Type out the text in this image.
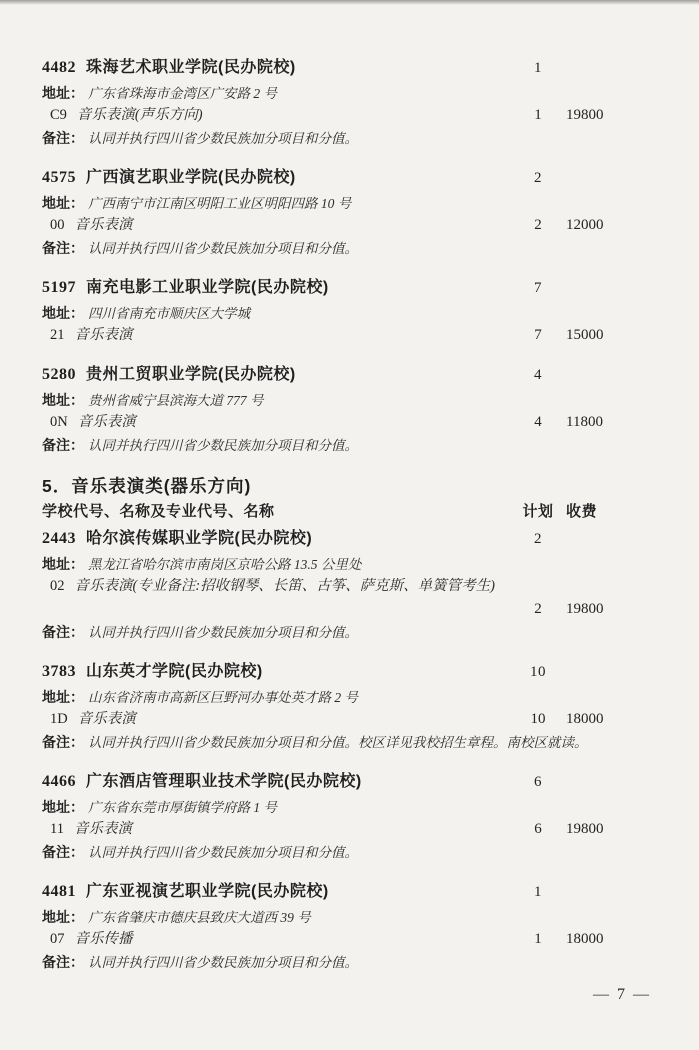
4482 珠海艺术职业学院(民办院校)	1
地址： 广东省珠海市金湾区广安路 2 号
C9 音乐表演(声乐方向)	1	19800
备注： 认同并执行四川省少数民族加分项目和分值。
4575 广西演艺职业学院(民办院校)	2
地址： 广西南宁市江南区明阳工业区明阳四路 10 号
00 音乐表演	2	12000
备注： 认同并执行四川省少数民族加分项目和分值。
5197 南充电影工业职业学院(民办院校)	7
地址： 四川省南充市顺庆区大学城
21 音乐表演	7	15000
5280 贵州工贸职业学院(民办院校)	4
地址： 贵州省威宁县滨海大道 777 号
0N 音乐表演	4	11800
备注： 认同并执行四川省少数民族加分项目和分值。
5．音乐表演类(器乐方向)
学校代号、名称及专业代号、名称	计划 收费
2443 哈尔滨传媒职业学院(民办院校)	2
地址： 黑龙江省哈尔滨市南岗区京哈公路 13.5 公里处
02 音乐表演(专业备注:招收钢琴、长笛、古筝、萨克斯、单簧管考生)
2	19800
备注： 认同并执行四川省少数民族加分项目和分值。
3783 山东英才学院(民办院校)	10
地址： 山东省济南市高新区巨野河办事处英才路 2 号
1D 音乐表演	10	18000
备注： 认同并执行四川省少数民族加分项目和分值。校区详见我校招生章程。南校区就读。
4466 广东酒店管理职业技术学院(民办院校)	6
地址： 广东省东莞市厚街镇学府路 1 号
11 音乐表演	6	19800
备注： 认同并执行四川省少数民族加分项目和分值。
4481 广东亚视演艺职业学院(民办院校)	1
地址： 广东省肇庆市德庆县致庆大道西 39 号
07 音乐传播	1	18000
备注： 认同并执行四川省少数民族加分项目和分值。
— 7 —
